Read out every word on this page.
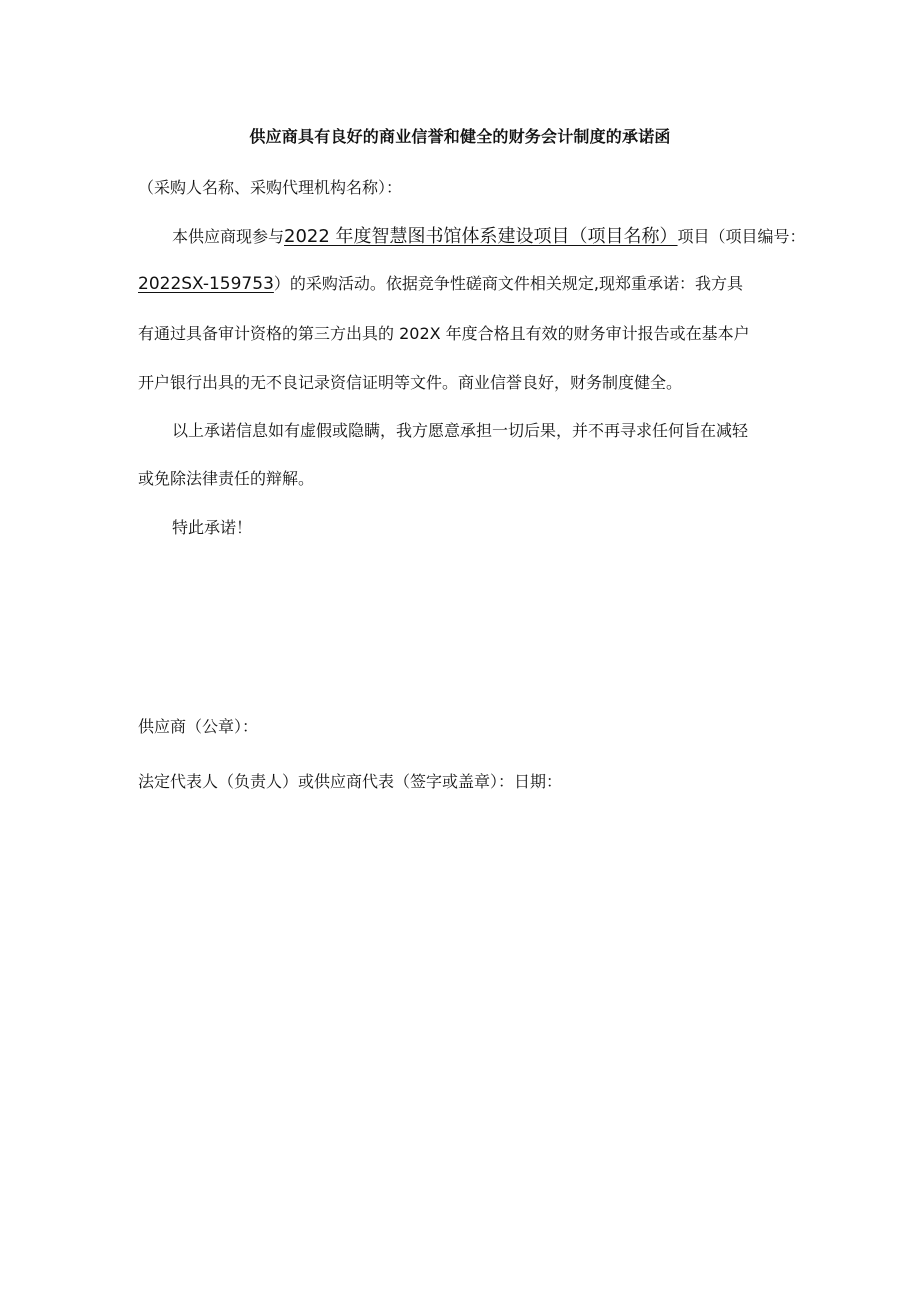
供应商具有良好的商业信誉和健全的财务会计制度的承诺函
（采购人名称、采购代理机构名称）：
本供应商现参与2022 年度智慧图书馆体系建设项目（项目名称）项目（项目编号：
2022SX-159753）的采购活动。依据竞争性磋商文件相关规定,现郑重承诺：我方具
有通过具备审计资格的第三方出具的 202X 年度合格且有效的财务审计报告或在基本户
开户银行出具的无不良记录资信证明等文件。商业信誉良好，财务制度健全。
以上承诺信息如有虚假或隐瞒，我方愿意承担一切后果，并不再寻求任何旨在减轻
或免除法律责任的辩解。
特此承诺！
供应商（公章）：
法定代表人（负责人）或供应商代表（签字或盖章）：日期：
